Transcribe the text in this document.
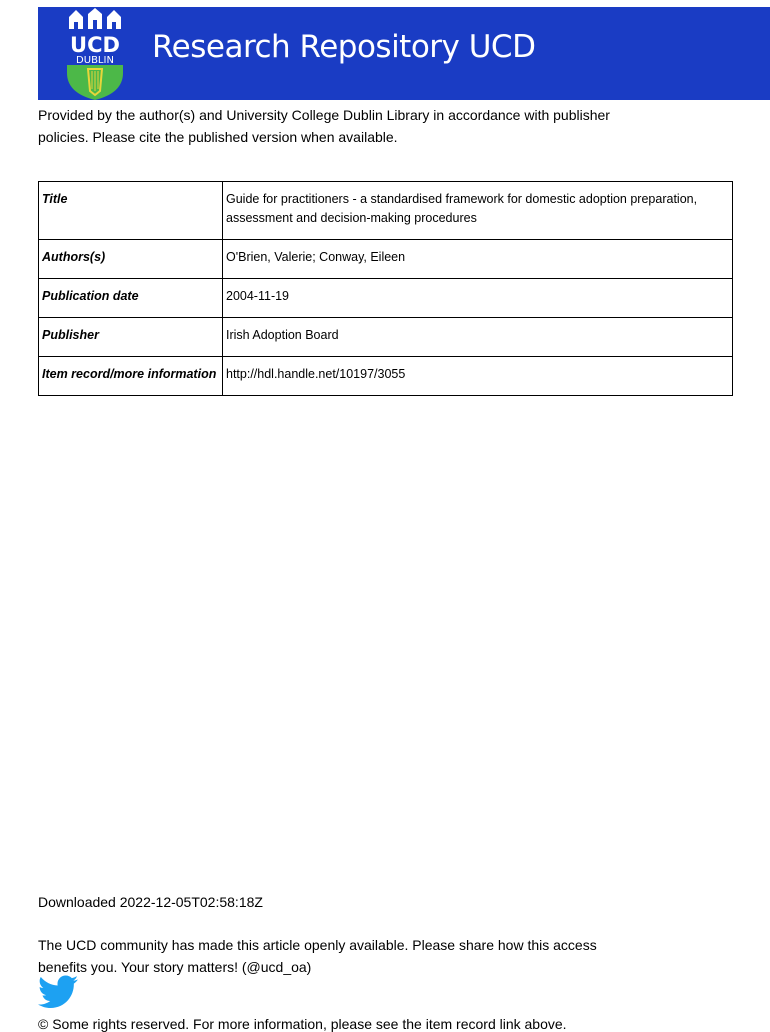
UCD
DUBLIN Research Repository UCD
Provided by the author(s) and University College Dublin Library in accordance with publisher
policies. Please cite the published version when available.
Title	Guide for practitioners - a standardised framework for domestic adoption preparation,
assessment and decision-making procedures
Authors(s)	O'Brien, Valerie; Conway, Eileen
Publication date	2004-11-19
Publisher	Irish Adoption Board
Item record/more information	http://hdl.handle.net/10197/3055
Downloaded 2022-12-05T02:58:18Z
The UCD community has made this article openly available. Please share how this access
benefits you. Your story matters! (@ucd_oa)
© Some rights reserved. For more information, please see the item record link above.
